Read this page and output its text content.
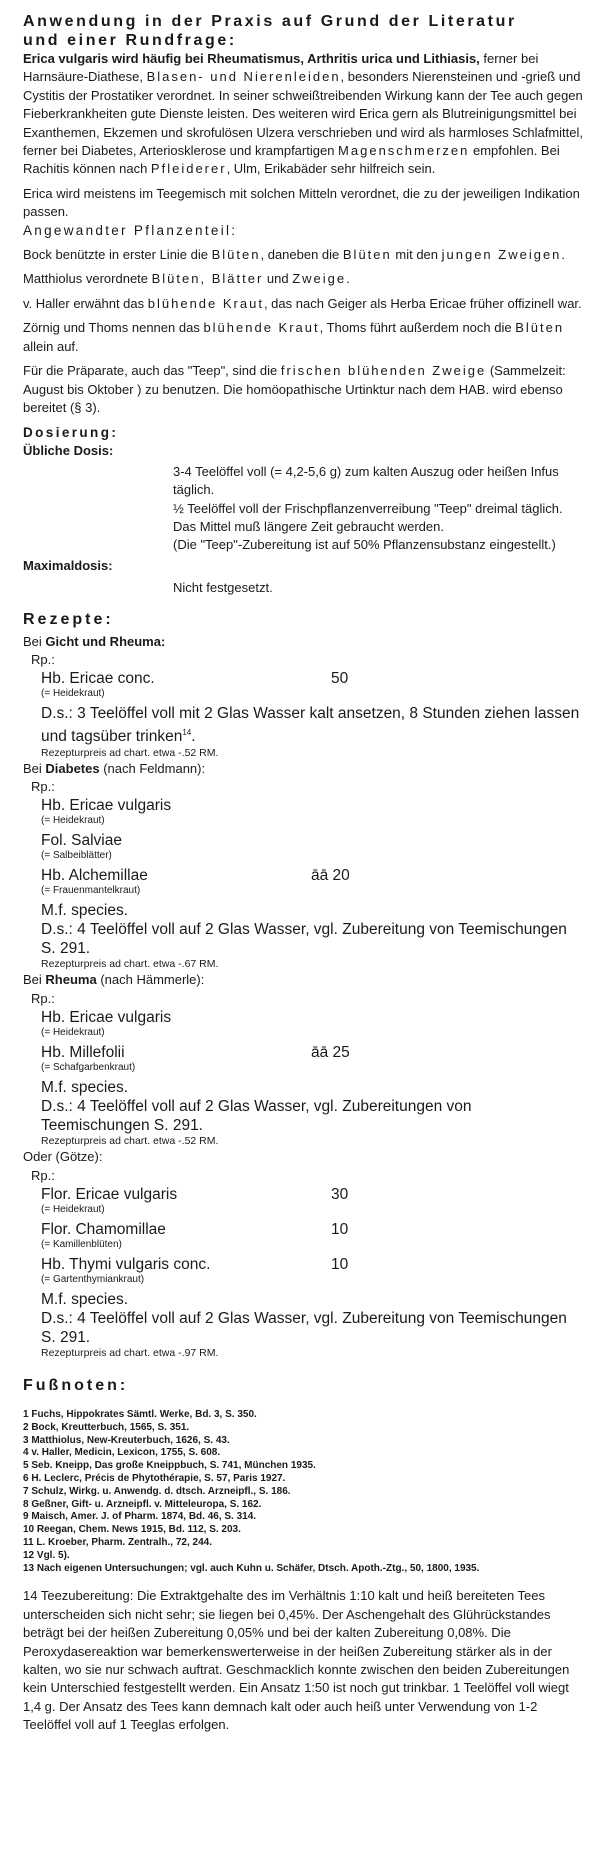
Anwendung in der Praxis auf Grund der Literatur
und einer Rundfrage:

Erica vulgaris wird häufig bei Rheumatismus, Arthritis urica und Lithiasis, ferner bei Harnsäure-Diathese, Blasen- und Nierenleiden, besonders Nierensteinen und -grieß und Cystitis der Prostatiker verordnet. In seiner schweißtreibenden Wirkung kann der Tee auch gegen Fieberkrankheiten gute Dienste leisten. Des weiteren wird Erica gern als Blutreinigungsmittel bei Exanthemen, Ekzemen und skrofulösen Ulzera verschrieben und wird als harmloses Schlafmittel, ferner bei Diabetes, Arteriosklerose und krampfartigen Magenschmerzen empfohlen. Bei Rachitis können nach Pfleiderer, Ulm, Erikabäder sehr hilfreich sein.

Erica wird meistens im Teegemisch mit solchen Mitteln verordnet, die zu der jeweiligen Indikation passen.

Angewandter Pflanzenteil:

Bock benützte in erster Linie die Blüten, daneben die Blüten mit den jungen Zweigen.

Matthiolus verordnete Blüten, Blätter und Zweige.

v. Haller erwähnt das blühende Kraut, das nach Geiger als Herba Ericae früher offizinell war.

Zörnig und Thoms nennen das blühende Kraut, Thoms führt außerdem noch die Blüten allein auf.

Für die Präparate, auch das "Teep", sind die frischen blühenden Zweige (Sammelzeit: August bis Oktober ) zu benutzen. Die homöopathische Urtinktur nach dem HAB. wird ebenso bereitet (§ 3).

Dosierung:

Übliche Dosis:

3-4 Teelöffel voll (= 4,2-5,6 g) zum kalten Auszug oder heißen Infus täglich.

½ Teelöffel voll der Frischpflanzenverreibung "Teep" dreimal täglich. Das Mittel muß längere Zeit gebraucht werden.

(Die "Teep"-Zubereitung ist auf 50% Pflanzensubstanz eingestellt.)

Maximaldosis:

Nicht festgesetzt.

Rezepte:

Bei Gicht und Rheuma:

Rp.:

Hb. Ericae conc.	50
(= Heidekraut)
D.s.: 3 Teelöffel voll mit 2 Glas Wasser kalt ansetzen, 8 Stunden ziehen lassen und tagsüber trinken$^{14}$.
Rezepturpreis ad chart. etwa -.52 RM.

Bei Diabetes (nach Feldmann):

Rp.:

Hb. Ericae vulgaris
(= Heidekraut)
Fol. Salviae
(= Salbeiblätter)
Hb. Alchemillae	āā 20
(= Frauenmantelkraut)
M.f. species.
D.s.: 4 Teelöffel voll auf 2 Glas Wasser, vgl. Zubereitung von Teemischungen S. 291.
Rezepturpreis ad chart. etwa -.67 RM.

Bei Rheuma (nach Hämmerle):

Rp.:

Hb. Ericae vulgaris
(= Heidekraut)
Hb. Millefolii	āā 25
(= Schafgarbenkraut)
M.f. species.
D.s.: 4 Teelöffel voll auf 2 Glas Wasser, vgl. Zubereitungen von Teemischungen S. 291.
Rezepturpreis ad chart. etwa -.52 RM.

Oder (Götze):

Rp.:

Flor. Ericae vulgaris	30
(= Heidekraut)
Flor. Chamomillae	10
(= Kamillenblüten)
Hb. Thymi vulgaris conc.	10
(= Gartenthymiankraut)
M.f. species.
D.s.: 4 Teelöffel voll auf 2 Glas Wasser, vgl. Zubereitung von Teemischungen S. 291.
Rezepturpreis ad chart. etwa -.97 RM.
Fußnoten:
1 Fuchs, Hippokrates Sämtl. Werke, Bd. 3, S. 350.
2 Bock, Kreutterbuch, 1565, S. 351.
3 Matthiolus, New-Kreuterbuch, 1626, S. 43.
4 v. Haller, Medicin, Lexicon, 1755, S. 608.
5 Seb. Kneipp, Das große Kneippbuch, S. 741, München 1935.
6 H. Leclerc, Précis de Phytothérapie, S. 57, Paris 1927.
7 Schulz, Wirkg. u. Anwendg. d. dtsch. Arzneipfl., S. 186.
8 Geßner, Gift- u. Arzneipfl. v. Mitteleuropa, S. 162.
9 Maisch, Amer. J. of Pharm. 1874, Bd. 46, S. 314.
10 Reegan, Chem. News 1915, Bd. 112, S. 203.
11 L. Kroeber, Pharm. Zentralh., 72, 244.
12 Vgl. 5).
13 Nach eigenen Untersuchungen; vgl. auch Kuhn u. Schäfer, Dtsch. Apoth.-Ztg., 50, 1800, 1935.

14 Teezubereitung: Die Extraktgehalte des im Verhältnis 1:10 kalt und heiß bereiteten Tees unterscheiden sich nicht sehr; sie liegen bei 0,45%. Der Aschengehalt des Glührückstandes beträgt bei der heißen Zubereitung 0,05% und bei der kalten Zubereitung 0,08%. Die Peroxydasereaktion war bemerkenswerterweise in der heißen Zubereitung stärker als in der kalten, wo sie nur schwach auftrat. Geschmacklich konnte zwischen den beiden Zubereitungen kein Unterschied festgestellt werden. Ein Ansatz 1:50 ist noch gut trinkbar. 1 Teelöffel voll wiegt 1,4 g. Der Ansatz des Tees kann demnach kalt oder auch heiß unter Verwendung von 1-2 Teelöffel voll auf 1 Teeglas erfolgen.
